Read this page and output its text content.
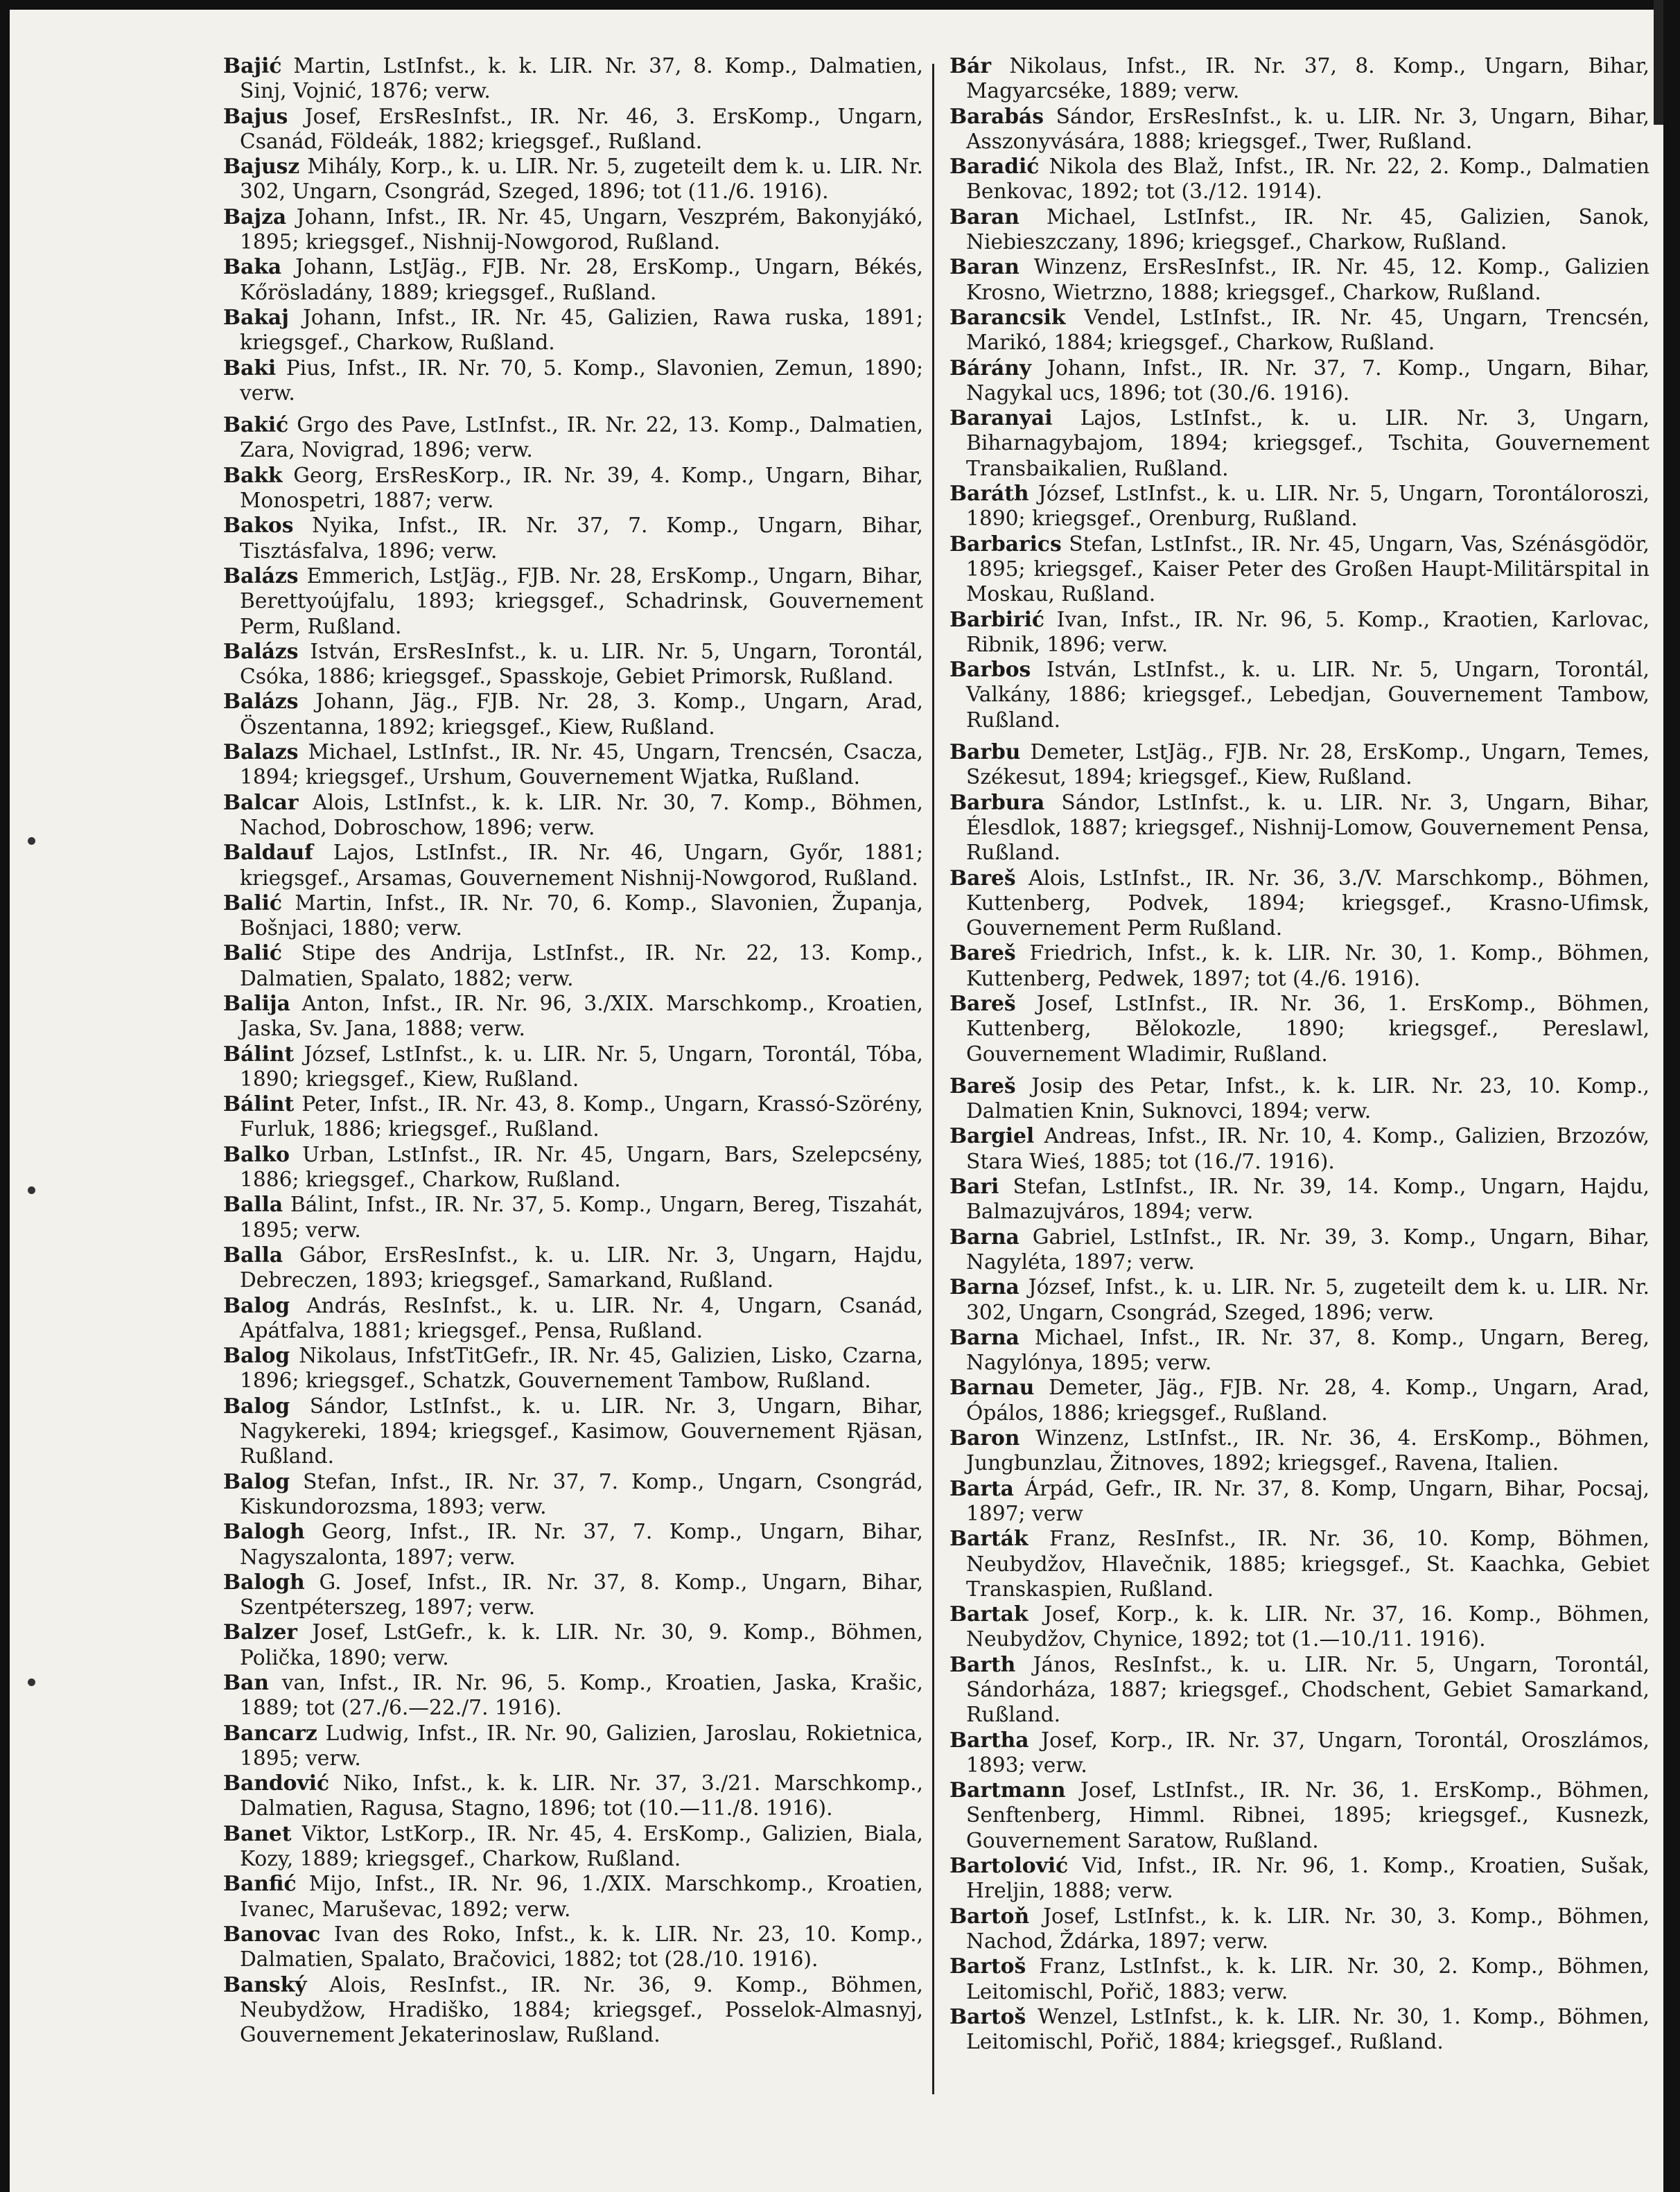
Bajić Martin, LstInfst., k. k. LIR. Nr. 37, 8. Komp., Dalmatien, Sinj, Vojnić, 1876; verw.

Bajus Josef, ErsResInfst., IR. Nr. 46, 3. ErsKomp., Ungarn, Csanád, Földeák, 1882; kriegsgef., Rußland.

Bajusz Mihály, Korp., k. u. LIR. Nr. 5, zugeteilt dem k. u. LIR. Nr. 302, Ungarn, Csongrád, Szeged, 1896; tot (11./6. 1916).

Bajza Johann, Infst., IR. Nr. 45, Ungarn, Veszprém, Bakonyjákó, 1895; kriegsgef., Nishnij-Nowgorod, Rußland.

Baka Johann, LstJäg., FJB. Nr. 28, ErsKomp., Ungarn, Békés, Kőrösladány, 1889; kriegsgef., Rußland.

Bakaj Johann, Infst., IR. Nr. 45, Galizien, Rawa ruska, 1891; kriegsgef., Charkow, Rußland.

Baki Pius, Infst., IR. Nr. 70, 5. Komp., Slavonien, Zemun, 1890; verw.

Bakić Grgo des Pave, LstInfst., IR. Nr. 22, 13. Komp., Dalmatien, Zara, Novigrad, 1896; verw.

Bakk Georg, ErsResKorp., IR. Nr. 39, 4. Komp., Ungarn, Bihar, Monospetri, 1887; verw.

Bakos Nyika, Infst., IR. Nr. 37, 7. Komp., Ungarn, Bihar, Tisztásfalva, 1896; verw.

Balázs Emmerich, LstJäg., FJB. Nr. 28, ErsKomp., Ungarn, Bihar, Berettyoújfalu, 1893; kriegsgef., Schadrinsk, Gouvernement Perm, Rußland.

Balázs István, ErsResInfst., k. u. LIR. Nr. 5, Ungarn, Torontál, Csóka, 1886; kriegsgef., Spasskoje, Gebiet Primorsk, Rußland.

Balázs Johann, Jäg., FJB. Nr. 28, 3. Komp., Ungarn, Arad, Öszentanna, 1892; kriegsgef., Kiew, Rußland.

Balazs Michael, LstInfst., IR. Nr. 45, Ungarn, Trencsén, Csacza, 1894; kriegsgef., Urshum, Gouvernement Wjatka, Rußland.

Balcar Alois, LstInfst., k. k. LIR. Nr. 30, 7. Komp., Böhmen, Nachod, Dobroschow, 1896; verw.

Baldauf Lajos, LstInfst., IR. Nr. 46, Ungarn, Győr, 1881; kriegsgef., Arsamas, Gouvernement Nishnij-Nowgorod, Rußland.

Balić Martin, Infst., IR. Nr. 70, 6. Komp., Slavonien, Županja, Bošnjaci, 1880; verw.

Balić Stipe des Andrija, LstInfst., IR. Nr. 22, 13. Komp., Dalmatien, Spalato, 1882; verw.

Balija Anton, Infst., IR. Nr. 96, 3./XIX. Marschkomp., Kroatien, Jaska, Sv. Jana, 1888; verw.

Bálint József, LstInfst., k. u. LIR. Nr. 5, Ungarn, Torontál, Tóba, 1890; kriegsgef., Kiew, Rußland.

Bálint Peter, Infst., IR. Nr. 43, 8. Komp., Ungarn, Krassó-Szörény, Furluk, 1886; kriegsgef., Rußland.

Balko Urban, LstInfst., IR. Nr. 45, Ungarn, Bars, Szelepcsény, 1886; kriegsgef., Charkow, Rußland.

Balla Bálint, Infst., IR. Nr. 37, 5. Komp., Ungarn, Bereg, Tiszahát, 1895; verw.

Balla Gábor, ErsResInfst., k. u. LIR. Nr. 3, Ungarn, Hajdu, Debreczen, 1893; kriegsgef., Samarkand, Rußland.

Balog András, ResInfst., k. u. LIR. Nr. 4, Ungarn, Csanád, Apátfalva, 1881; kriegsgef., Pensa, Rußland.

Balog Nikolaus, InfstTitGefr., IR. Nr. 45, Galizien, Lisko, Czarna, 1896; kriegsgef., Schatzk, Gouvernement Tambow, Rußland.

Balog Sándor, LstInfst., k. u. LIR. Nr. 3, Ungarn, Bihar, Nagykereki, 1894; kriegsgef., Kasimow, Gouvernement Rjäsan, Rußland.

Balog Stefan, Infst., IR. Nr. 37, 7. Komp., Ungarn, Csongrád, Kiskundorozsma, 1893; verw.

Balogh Georg, Infst., IR. Nr. 37, 7. Komp., Ungarn, Bihar, Nagyszalonta, 1897; verw.

Balogh G. Josef, Infst., IR. Nr. 37, 8. Komp., Ungarn, Bihar, Szentpéterszeg, 1897; verw.

Balzer Josef, LstGefr., k. k. LIR. Nr. 30, 9. Komp., Böhmen, Polička, 1890; verw.

Ban van, Infst., IR. Nr. 96, 5. Komp., Kroatien, Jaska, Krašic, 1889; tot (27./6.—22./7. 1916).

Bancarz Ludwig, Infst., IR. Nr. 90, Galizien, Jaroslau, Rokietnica, 1895; verw.

Bandović Niko, Infst., k. k. LIR. Nr. 37, 3./21. Marschkomp., Dalmatien, Ragusa, Stagno, 1896; tot (10.—11./8. 1916).

Banet Viktor, LstKorp., IR. Nr. 45, 4. ErsKomp., Galizien, Biala, Kozy, 1889; kriegsgef., Charkow, Rußland.

Banfić Mijo, Infst., IR. Nr. 96, 1./XIX. Marschkomp., Kroatien, Ivanec, Maruševac, 1892; verw.

Banovac Ivan des Roko, Infst., k. k. LIR. Nr. 23, 10. Komp., Dalmatien, Spalato, Bračovici, 1882; tot (28./10. 1916).

Banský Alois, ResInfst., IR. Nr. 36, 9. Komp., Böhmen, Neubydžow, Hradiško, 1884; kriegsgef., Posselok-Almasnyj, Gouvernement Jekaterinoslaw, Rußland.

Bár Nikolaus, Infst., IR. Nr. 37, 8. Komp., Ungarn, Bihar, Magyarcséke, 1889; verw.

Barabás Sándor, ErsResInfst., k. u. LIR. Nr. 3, Ungarn, Bihar, Asszonyvására, 1888; kriegsgef., Twer, Rußland.

Baradić Nikola des Blaž, Infst., IR. Nr. 22, 2. Komp., Dalmatien Benkovac, 1892; tot (3./12. 1914).

Baran Michael, LstInfst., IR. Nr. 45, Galizien, Sanok, Niebieszczany, 1896; kriegsgef., Charkow, Rußland.

Baran Winzenz, ErsResInfst., IR. Nr. 45, 12. Komp., Galizien Krosno, Wietrzno, 1888; kriegsgef., Charkow, Rußland.

Barancsik Vendel, LstInfst., IR. Nr. 45, Ungarn, Trencsén, Marikó, 1884; kriegsgef., Charkow, Rußland.

Bárány Johann, Infst., IR. Nr. 37, 7. Komp., Ungarn, Bihar, Nagykal ucs, 1896; tot (30./6. 1916).

Baranyai Lajos, LstInfst., k. u. LIR. Nr. 3, Ungarn, Biharnagybajom, 1894; kriegsgef., Tschita, Gouvernement Transbaikalien, Rußland.

Baráth József, LstInfst., k. u. LIR. Nr. 5, Ungarn, Torontáloroszi, 1890; kriegsgef., Orenburg, Rußland.

Barbarics Stefan, LstInfst., IR. Nr. 45, Ungarn, Vas, Szénásgödör, 1895; kriegsgef., Kaiser Peter des Großen Haupt-Militärspital in Moskau, Rußland.

Barbirić Ivan, Infst., IR. Nr. 96, 5. Komp., Kraotien, Karlovac, Ribnik, 1896; verw.

Barbos István, LstInfst., k. u. LIR. Nr. 5, Ungarn, Torontál, Valkány, 1886; kriegsgef., Lebedjan, Gouvernement Tambow, Rußland.

Barbu Demeter, LstJäg., FJB. Nr. 28, ErsKomp., Ungarn, Temes, Székesut, 1894; kriegsgef., Kiew, Rußland.

Barbura Sándor, LstInfst., k. u. LIR. Nr. 3, Ungarn, Bihar, Élesdlok, 1887; kriegsgef., Nishnij-Lomow, Gouvernement Pensa, Rußland.

Bareš Alois, LstInfst., IR. Nr. 36, 3./V. Marschkomp., Böhmen, Kuttenberg, Podvek, 1894; kriegsgef., Krasno-Ufimsk, Gouvernement Perm Rußland.

Bareš Friedrich, Infst., k. k. LIR. Nr. 30, 1. Komp., Böhmen, Kuttenberg, Pedwek, 1897; tot (4./6. 1916).

Bareš Josef, LstInfst., IR. Nr. 36, 1. ErsKomp., Böhmen, Kuttenberg, Bělokozle, 1890; kriegsgef., Pereslawl, Gouvernement Wladimir, Rußland.

Bareš Josip des Petar, Infst., k. k. LIR. Nr. 23, 10. Komp., Dalmatien Knin, Suknovci, 1894; verw.

Bargiel Andreas, Infst., IR. Nr. 10, 4. Komp., Galizien, Brzozów, Stara Wieś, 1885; tot (16./7. 1916).

Bari Stefan, LstInfst., IR. Nr. 39, 14. Komp., Ungarn, Hajdu, Balmazujváros, 1894; verw.

Barna Gabriel, LstInfst., IR. Nr. 39, 3. Komp., Ungarn, Bihar, Nagyléta, 1897; verw.

Barna József, Infst., k. u. LIR. Nr. 5, zugeteilt dem k. u. LIR. Nr. 302, Ungarn, Csongrád, Szeged, 1896; verw.

Barna Michael, Infst., IR. Nr. 37, 8. Komp., Ungarn, Bereg, Nagylónya, 1895; verw.

Barnau Demeter, Jäg., FJB. Nr. 28, 4. Komp., Ungarn, Arad, Ópálos, 1886; kriegsgef., Rußland.

Baron Winzenz, LstInfst., IR. Nr. 36, 4. ErsKomp., Böhmen, Jungbunzlau, Žitnoves, 1892; kriegsgef., Ravena, Italien.

Barta Árpád, Gefr., IR. Nr. 37, 8. Komp, Ungarn, Bihar, Pocsaj, 1897; verw

Barták Franz, ResInfst., IR. Nr. 36, 10. Komp, Böhmen, Neubydžov, Hlavečnik, 1885; kriegsgef., St. Kaachka, Gebiet Transkaspien, Rußland.

Bartak Josef, Korp., k. k. LIR. Nr. 37, 16. Komp., Böhmen, Neubydžov, Chynice, 1892; tot (1.—10./11. 1916).

Barth János, ResInfst., k. u. LIR. Nr. 5, Ungarn, Torontál, Sándorháza, 1887; kriegsgef., Chodschent, Gebiet Samarkand, Rußland.

Bartha Josef, Korp., IR. Nr. 37, Ungarn, Torontál, Oroszlámos, 1893; verw.

Bartmann Josef, LstInfst., IR. Nr. 36, 1. ErsKomp., Böhmen, Senftenberg, Himml. Ribnei, 1895; kriegsgef., Kusnezk, Gouvernement Saratow, Rußland.

Bartolović Vid, Infst., IR. Nr. 96, 1. Komp., Kroatien, Sušak, Hreljin, 1888; verw.

Bartoň Josef, LstInfst., k. k. LIR. Nr. 30, 3. Komp., Böhmen, Nachod, Ždárka, 1897; verw.

Bartoš Franz, LstInfst., k. k. LIR. Nr. 30, 2. Komp., Böhmen, Leitomischl, Pořič, 1883; verw.

Bartoš Wenzel, LstInfst., k. k. LIR. Nr. 30, 1. Komp., Böhmen, Leitomischl, Pořič, 1884; kriegsgef., Rußland.
